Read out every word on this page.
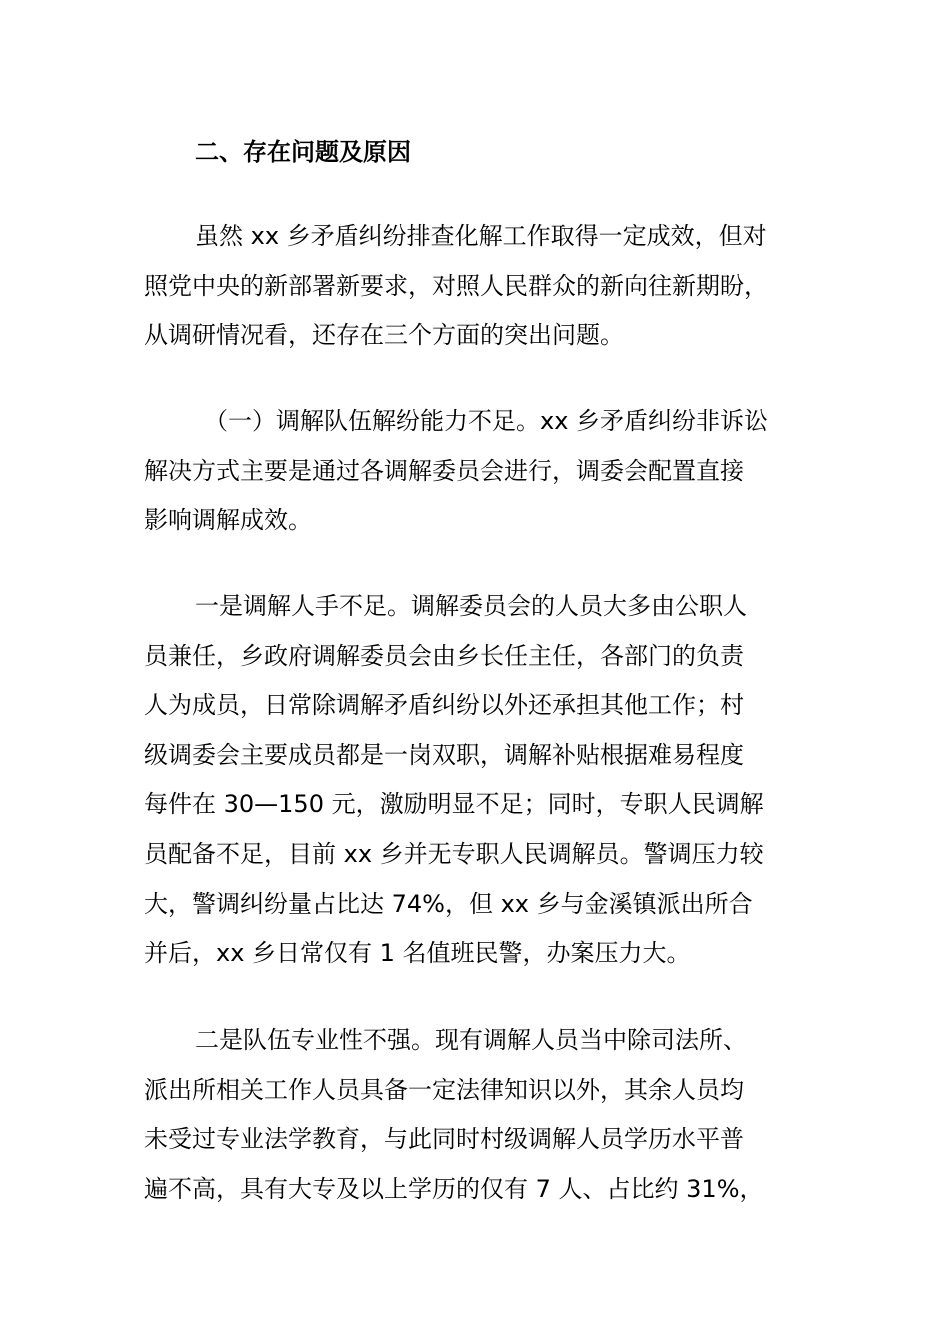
二、存在问题及原因
虽然 xx 乡矛盾纠纷排查化解工作取得一定成效，但对
照党中央的新部署新要求，对照人民群众的新向往新期盼，
从调研情况看，还存在三个方面的突出问题。
（一）调解队伍解纷能力不足。xx 乡矛盾纠纷非诉讼
解决方式主要是通过各调解委员会进行，调委会配置直接
影响调解成效。
一是调解人手不足。调解委员会的人员大多由公职人
员兼任，乡政府调解委员会由乡长任主任，各部门的负责
人为成员，日常除调解矛盾纠纷以外还承担其他工作；村
级调委会主要成员都是一岗双职，调解补贴根据难易程度
每件在 30—150 元，激励明显不足；同时，专职人民调解
员配备不足，目前 xx 乡并无专职人民调解员。警调压力较
大，警调纠纷量占比达 74%，但 xx 乡与金溪镇派出所合
并后，xx 乡日常仅有 1 名值班民警，办案压力大。
二是队伍专业性不强。现有调解人员当中除司法所、
派出所相关工作人员具备一定法律知识以外，其余人员均
未受过专业法学教育，与此同时村级调解人员学历水平普
遍不高，具有大专及以上学历的仅有 7 人、占比约 31%，
